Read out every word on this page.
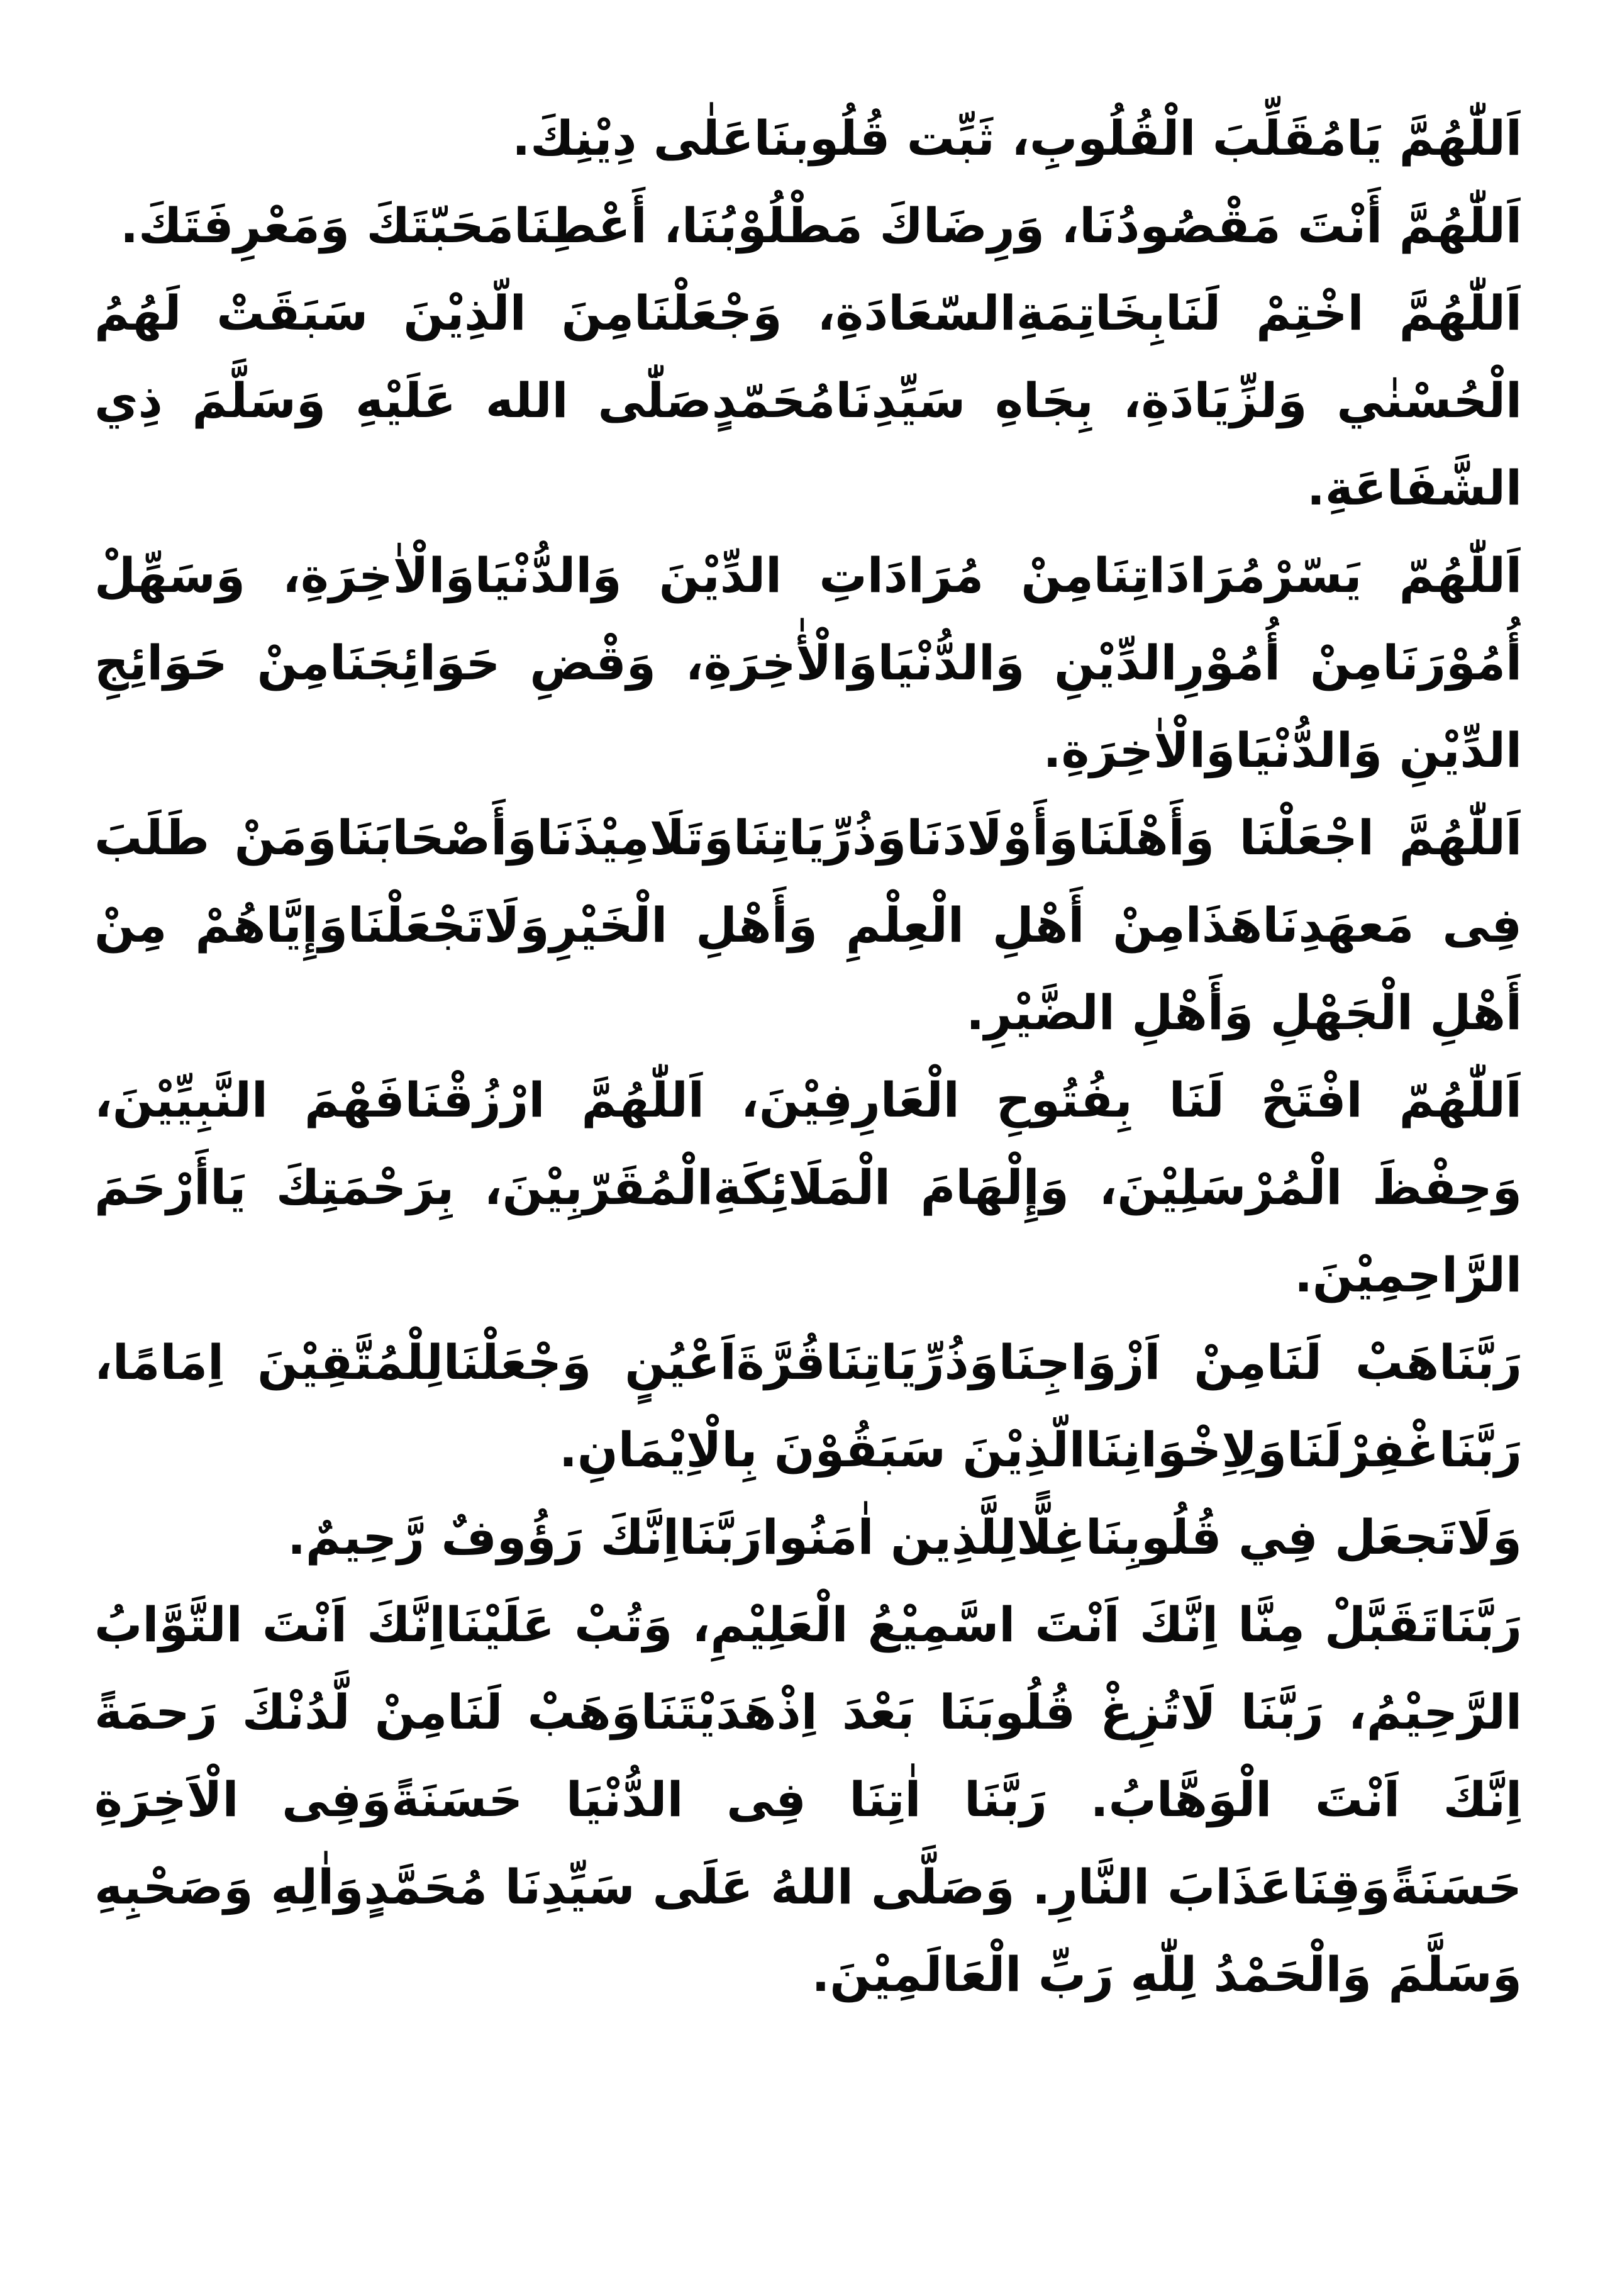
اَللّٰهُمَّ يَامُقَلِّبَ الْقُلُوبِ، ثَبِّت قُلُوبنَاعَلٰى دِيْنِكَ.

اَللّٰهُمَّ أَنْتَ مَقْصُودُنَا، وَرِضَاكَ مَطْلُوْبُنَا، أَعْطِنَامَحَبّتَكَ وَمَعْرِفَتَكَ.

اَللّٰهُمَّ اخْتِمْ لَنَابِخَاتِمَةِالسّعَادَةِ، وَجْعَلْنَامِنَ الّذِيْنَ سَبَقَتْ لَهُمُ الْحُسْنٰي وَلزِّيَادَةِ، بِجَاهِ سَيِّدِنَامُحَمّدٍصَلّٰى الله عَلَيْهِ وَسَلَّمَ ذِي الشَّفَاعَةِ.

اَللّٰهُمّ يَسّرْمُرَادَاتِنَامِنْ مُرَادَاتِ الدِّيْنَ وَالدُّنْيَاوَالْاٰخِرَةِ، وَسَهِّلْ أُمُوْرَنَامِنْ أُمُوْرِالدِّيْنِ وَالدُّنْيَاوَالْأٰخِرَةِ، وَقْضِ حَوَائِجَنَامِنْ حَوَائِجِ الدِّيْنِ وَالدُّنْيَاوَالْاٰخِرَةِ.

اَللّٰهُمَّ اجْعَلْنَا وَأَهْلَنَاوَأَوْلَادَنَاوَذُرِّيَاتِنَاوَتَلَامِيْذَنَاوَأَصْحَابَنَاوَمَنْ طَلَبَ فِى مَعهَدِنَاهَذَامِنْ أَهْلِ الْعِلْمِ وَأَهْلِ الْخَيْرِوَلَاتَجْعَلْنَاوَإِيَّاهُمْ مِنْ أَهْلِ الْجَهْلِ وَأَهْلِ الضَّيْرِ.

اَللّٰهُمّ افْتَحْ لَنَا بِفُتُوحِ الْعَارِفِيْنَ، اَللّٰهُمَّ ارْزُقْنَافَهْمَ النَّبِيِّيْنَ، وَحِفْظَ الْمُرْسَلِيْنَ، وَإِلْهَامَ الْمَلَائِكَةِالْمُقَرّبِيْنَ، بِرَحْمَتِكَ يَاأَرْحَمَ الرَّاحِمِيْنَ.

رَبَّنَاهَبْ لَنَامِنْ اَزْوَاجِنَاوَذُرِّيَاتِنَاقُرَّةَاَعْيُنٍ وَجْعَلْنَالِلْمُتَّقِيْنَ اِمَامًا، رَبَّنَاغْفِرْلَنَاوَلِاِخْوَانِنَاالّذِيْنَ سَبَقُوْنَ بِالْاِيْمَانِ.

وَلَاتَجعَل فِي قُلُوبِنَاغِلًّالِلَّذِين اٰمَنُوارَبَّنَااِنَّكَ رَؤُوفٌ رَّحِيمٌ.

رَبَّنَاتَقَبَّلْ مِنَّا اِنَّكَ اَنْتَ اسَّمِيْعُ الْعَلِيْمِ، وَتُبْ عَلَيْنَااِنَّكَ اَنْتَ التَّوَّابُ الرَّحِيْمُ، رَبَّنَا لَاتُزِغْ قُلُوبَنَا بَعْدَ اِذْهَدَيْتَنَاوَهَبْ لَنَامِنْ لَّدُنْكَ رَحمَةً اِنَّكَ اَنْتَ الْوَهَّابُ. رَبَّنَا اٰتِنَا فِى الدُّنْيَا حَسَنَةًوَفِى الْاَخِرَةِ حَسَنَةًوَقِنَاعَذَابَ النَّارِ. وَصَلَّى اللهُ عَلَى سَيِّدِنَا مُحَمَّدٍوَاٰلِهِ وَصَحْبِهِ وَسَلَّمَ وَالْحَمْدُ لِلّٰهِ رَبِّ الْعَالَمِيْنَ.
